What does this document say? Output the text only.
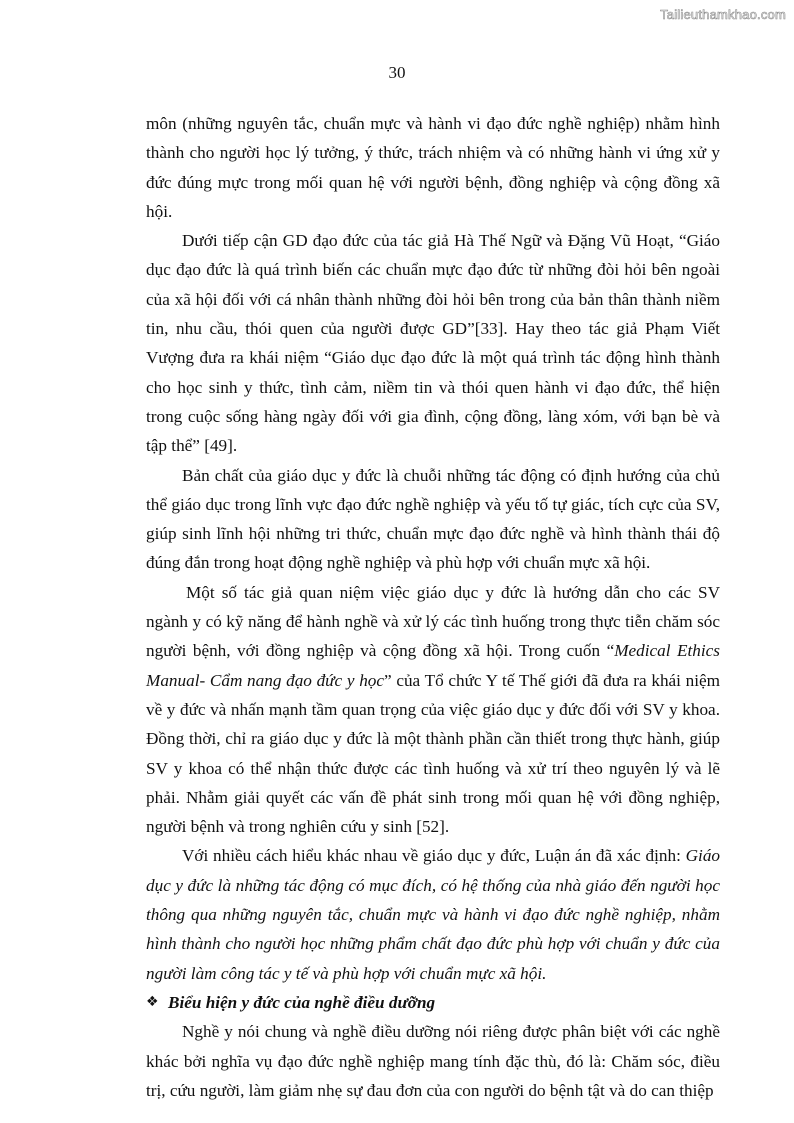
Tailieuthamkhao.com
30

môn (những nguyên tắc, chuẩn mực và hành vi đạo đức nghề nghiệp) nhằm hình thành cho người học lý tưởng, ý thức, trách nhiệm và có những hành vi ứng xử y đức đúng mực trong mối quan hệ với người bệnh, đồng nghiệp và cộng đồng xã hội.

Dưới tiếp cận GD đạo đức của tác giả Hà Thế Ngữ và Đặng Vũ Hoạt, “Giáo dục đạo đức là quá trình biến các chuẩn mực đạo đức từ những đòi hỏi bên ngoài của xã hội đối với cá nhân thành những đòi hỏi bên trong của bản thân thành niềm tin, nhu cầu, thói quen của người được GD”[33]. Hay theo tác giả Phạm Viết Vượng đưa ra khái niệm “Giáo dục đạo đức là một quá trình tác động hình thành cho học sinh y thức, tình cảm, niềm tin và thói quen hành vi đạo đức, thể hiện trong cuộc sống hàng ngày đối với gia đình, cộng đồng, làng xóm, với bạn bè và tập thể” [49].

Bản chất của giáo dục y đức là chuỗi những tác động có định hướng của chủ thể giáo dục trong lĩnh vực đạo đức nghề nghiệp và yếu tố tự giác, tích cực của SV, giúp sinh lĩnh hội những tri thức, chuẩn mực đạo đức nghề và hình thành thái độ đúng đắn trong hoạt động nghề nghiệp và phù hợp với chuẩn mực xã hội.

Một số tác giả quan niệm việc giáo dục y đức là hướng dẫn cho các SV ngành y có kỹ năng để hành nghề và xử lý các tình huống trong thực tiễn chăm sóc người bệnh, với đồng nghiệp và cộng đồng xã hội. Trong cuốn “Medical Ethics Manual- Cẩm nang đạo đức y học” của Tổ chức Y tế Thế giới đã đưa ra khái niệm về y đức và nhấn mạnh tầm quan trọng của việc giáo dục y đức đối với SV y khoa. Đồng thời, chỉ ra giáo dục y đức là một thành phần cần thiết trong thực hành, giúp SV y khoa có thể nhận thức được các tình huống và xử trí theo nguyên lý và lẽ phải. Nhằm giải quyết các vấn đề phát sinh trong mối quan hệ với đồng nghiệp, người bệnh và trong nghiên cứu y sinh [52].

Với nhiều cách hiểu khác nhau về giáo dục y đức, Luận án đã xác định: Giáo dục y đức là những tác động có mục đích, có hệ thống của nhà giáo đến người học thông qua những nguyên tắc, chuẩn mực và hành vi đạo đức nghề nghiệp, nhằm hình thành cho người học những phẩm chất đạo đức phù hợp với chuẩn y đức của người làm công tác y tế và phù hợp với chuẩn mực xã hội.

❖ Biểu hiện y đức của nghề điều dưỡng

Nghề y nói chung và nghề điều dưỡng nói riêng được phân biệt với các nghề khác bởi nghĩa vụ đạo đức nghề nghiệp mang tính đặc thù, đó là: Chăm sóc, điều trị, cứu người, làm giảm nhẹ sự đau đơn của con người do bệnh tật và do can thiệp
